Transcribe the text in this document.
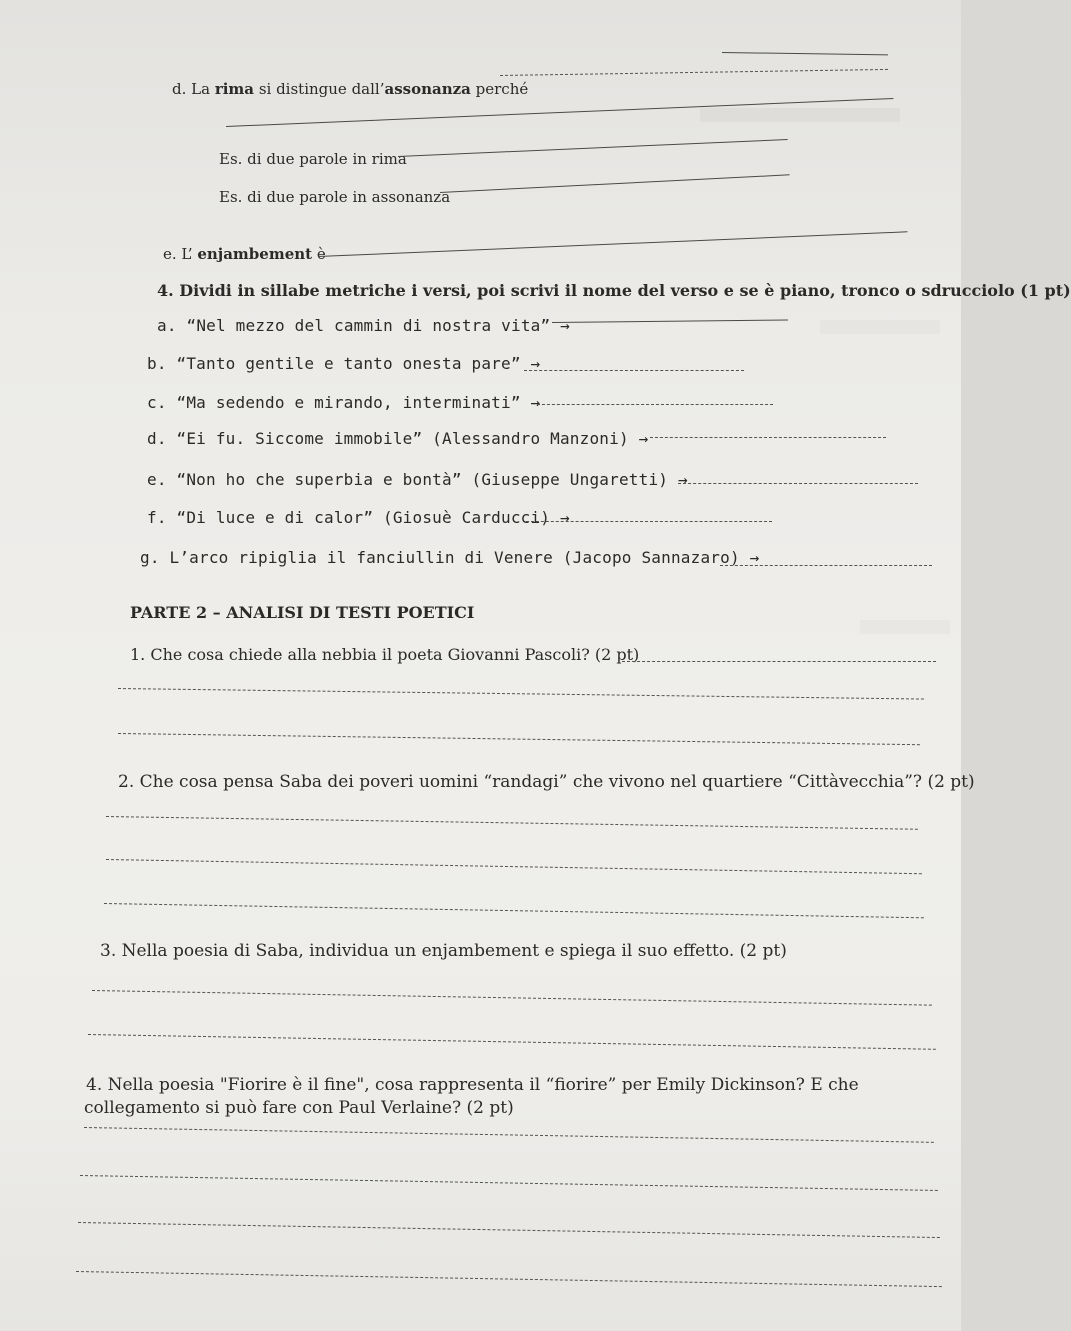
d. La rima si distingue dall’assonanza perché
Es. di due parole in rima
Es. di due parole in assonanza
e. L’ enjambement è
4. Dividi in sillabe metriche i versi, poi scrivi il nome del verso e se è piano, tronco o sdrucciolo (1 pt)
a. “Nel mezzo del cammin di nostra vita” →
b. “Tanto gentile e tanto onesta pare” →
c. “Ma sedendo e mirando, interminati” →
d. “Ei fu. Siccome immobile” (Alessandro Manzoni) →
e. “Non ho che superbia e bontà” (Giuseppe Ungaretti) →
f. “Di luce e di calor” (Giosuè Carducci) →
g. L’arco ripiglia il fanciullin di Venere (Jacopo Sannazaro) →
PARTE 2 – ANALISI DI TESTI POETICI
1. Che cosa chiede alla nebbia il poeta Giovanni Pascoli? (2 pt)
2. Che cosa pensa Saba dei poveri uomini “randagi” che vivono nel quartiere “Cittàvecchia”? (2 pt)
3. Nella poesia di Saba, individua un enjambement e spiega il suo effetto. (2 pt)
4. Nella poesia "Fiorire è il fine", cosa rappresenta il “fiorire” per Emily Dickinson? E che
collegamento si può fare con Paul Verlaine? (2 pt)
